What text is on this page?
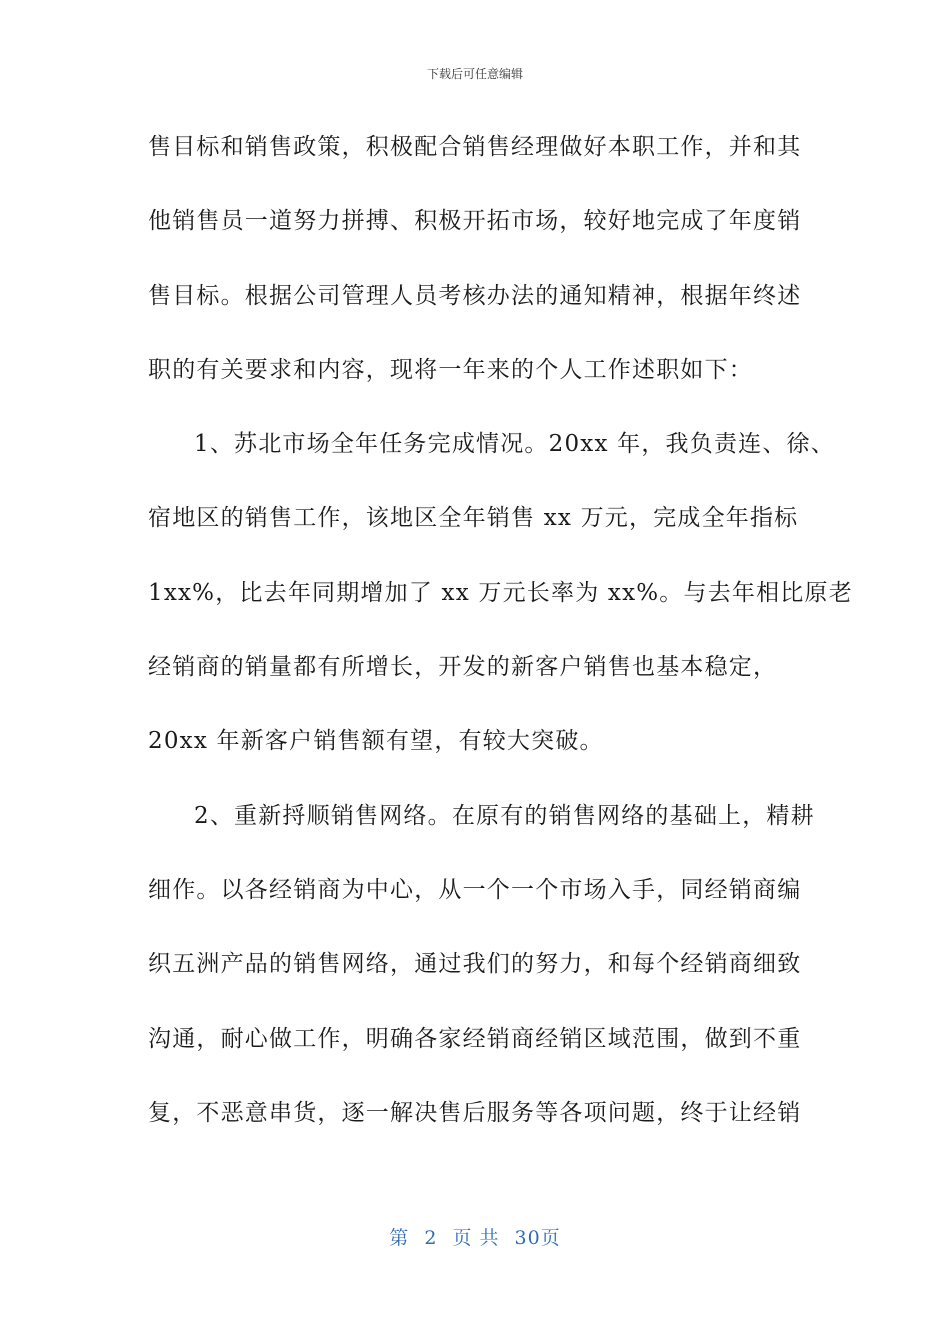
下载后可任意编辑
售目标和销售政策，积极配合销售经理做好本职工作，并和其
他销售员一道努力拼搏、积极开拓市场，较好地完成了年度销
售目标。根据公司管理人员考核办法的通知精神，根据年终述
职的有关要求和内容，现将一年来的个人工作述职如下：
1、苏北市场全年任务完成情况。20xx 年，我负责连、徐、
宿地区的销售工作，该地区全年销售 xx 万元，完成全年指标
1xx%，比去年同期增加了 xx 万元长率为 xx%。与去年相比原老
经销商的销量都有所增长，开发的新客户销售也基本稳定，
20xx 年新客户销售额有望，有较大突破。
2、重新捋顺销售网络。在原有的销售网络的基础上，精耕
细作。以各经销商为中心，从一个一个市场入手，同经销商编
织五洲产品的销售网络，通过我们的努力，和每个经销商细致
沟通，耐心做工作，明确各家经销商经销区域范围，做到不重
复，不恶意串货，逐一解决售后服务等各项问题，终于让经销
第 2 页 共 30页
